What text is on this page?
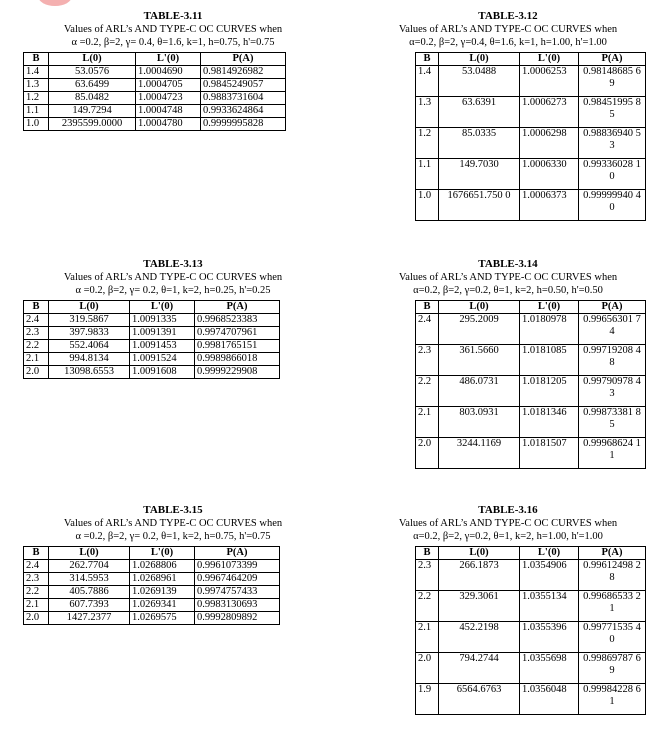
TABLE-3.11
Values of ARL’s AND TYPE-C OC CURVES when
α =0.2, β=2, γ= 0.4, θ=1.6, k=1, h=0.75, h'=0.75
B	L(0)	L'(0)	P(A)
1.4	53.0576	1.0004690	0.9814926982
1.3	63.6499	1.0004705	0.9845249057
1.2	85.0482	1.0004723	0.9883731604
1.1	149.7294	1.0004748	0.9933624864
1.0	2395599.0000	1.0004780	0.9999995828
TABLE-3.12
Values of ARL’s AND TYPE-C OC CURVES when
α=0.2, β=2, γ=0.4, θ=1.6, k=1, h=1.00, h'=1.00
B	L(0)	L'(0)	P(A)
1.4	53.0488	1.0006253	0.98148685 69
1.3	63.6391	1.0006273	0.98451995 85
1.2	85.0335	1.0006298	0.98836940 53
1.1	149.7030	1.0006330	0.99336028 10
1.0	1676651.750 0	1.0006373	0.99999940 40
TABLE-3.13
Values of ARL’s AND TYPE-C OC CURVES when
α =0.2, β=2, γ= 0.2, θ=1, k=2, h=0.25, h'=0.25
B	L(0)	L'(0)	P(A)
2.4	319.5867	1.0091335	0.9968523383
2.3	397.9833	1.0091391	0.9974707961
2.2	552.4064	1.0091453	0.9981765151
2.1	994.8134	1.0091524	0.9989866018
2.0	13098.6553	1.0091608	0.9999229908
TABLE-3.14
Values of ARL’s AND TYPE-C OC CURVES when
α=0.2, β=2, γ=0.2, θ=1, k=2, h=0.50, h'=0.50
B	L(0)	L'(0)	P(A)
2.4	295.2009	1.0180978	0.99656301 74
2.3	361.5660	1.0181085	0.99719208 48
2.2	486.0731	1.0181205	0.99790978 43
2.1	803.0931	1.0181346	0.99873381 85
2.0	3244.1169	1.0181507	0.99968624 11
TABLE-3.15
Values of ARL’s AND TYPE-C OC CURVES when
α =0.2, β=2, γ= 0.2, θ=1, k=2, h=0.75, h'=0.75
B	L(0)	L'(0)	P(A)
2.4	262.7704	1.0268806	0.9961073399
2.3	314.5953	1.0268961	0.9967464209
2.2	405.7886	1.0269139	0.9974757433
2.1	607.7393	1.0269341	0.9983130693
2.0	1427.2377	1.0269575	0.9992809892
TABLE-3.16
Values of ARL’s AND TYPE-C OC CURVES when
α=0.2, β=2, γ=0.2, θ=1, k=2, h=1.00, h'=1.00
B	L(0)	L'(0)	P(A)
2.3	266.1873	1.0354906	0.99612498 28
2.2	329.3061	1.0355134	0.99686533 21
2.1	452.2198	1.0355396	0.99771535 40
2.0	794.2744	1.0355698	0.99869787 69
1.9	6564.6763	1.0356048	0.99984228 61
